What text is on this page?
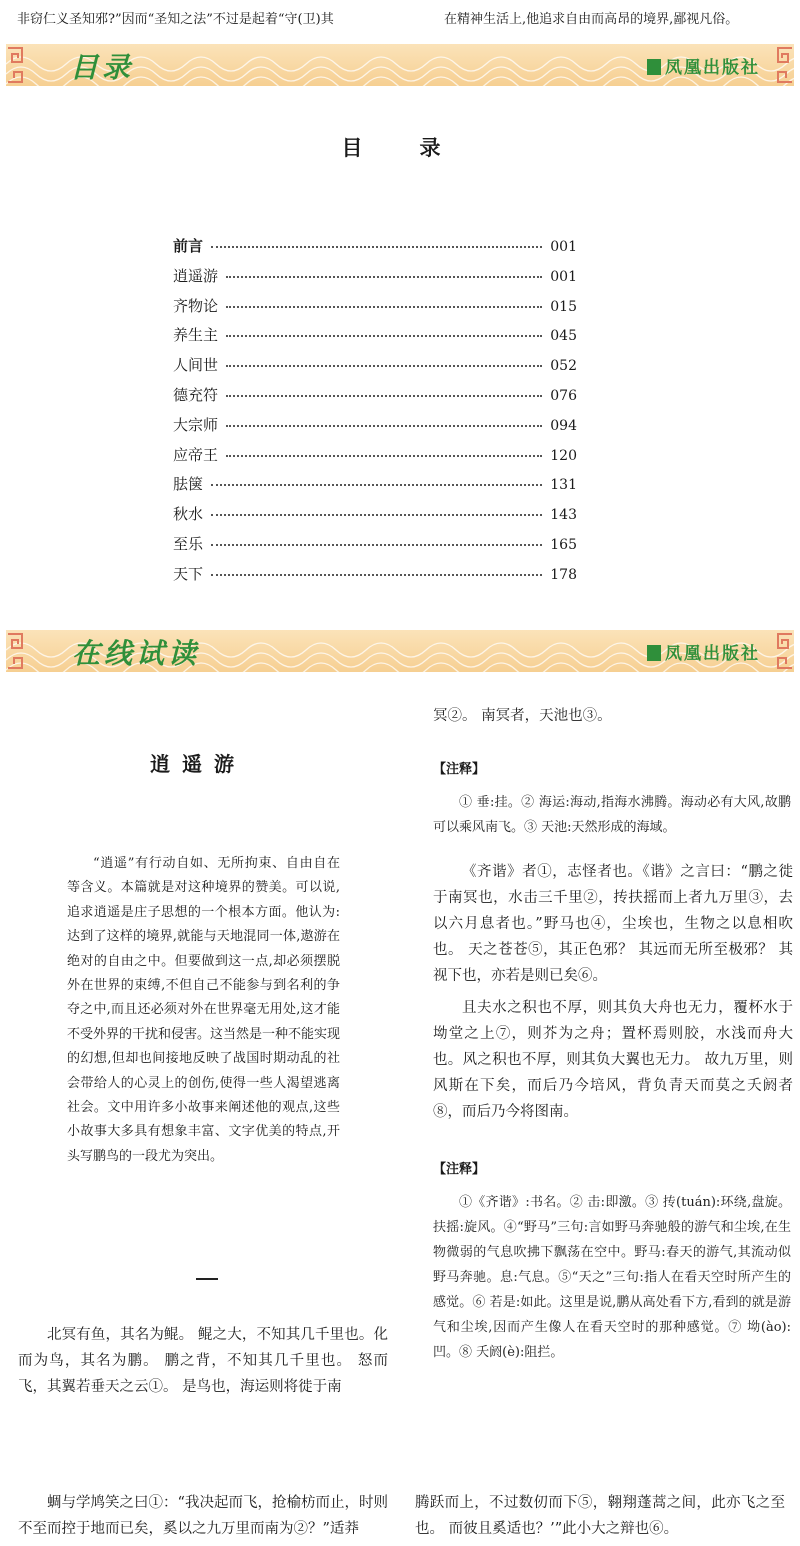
非窃仁义圣知邪?”因而“圣知之法”不过是起着“守(卫)其	在精神生活上,他追求自由而高昂的境界,鄙视凡俗。
目录	凤凰出版社
目　录
前言	001
逍遥游	001
齐物论	015
养生主	045
人间世	052
德充符	076
大宗师	094
应帝王	120
胠箧	131
秋水	143
至乐	165
天下	178
在线试读	凤凰出版社
逍遥游
“逍遥”有行动自如、无所拘束、自由自在等含义。本篇就是对这种境界的赞美。可以说,追求逍遥是庄子思想的一个根本方面。他认为:达到了这样的境界,就能与天地混同一体,遨游在绝对的自由之中。但要做到这一点,却必须摆脱外在世界的束缚,不但自己不能参与到名利的争夺之中,而且还必须对外在世界毫无用处,这才能不受外界的干扰和侵害。这当然是一种不能实现的幻想,但却也间接地反映了战国时期动乱的社会带给人的心灵上的创伤,使得一些人渴望逃离社会。文中用许多小故事来阐述他的观点,这些小故事大多具有想象丰富、文字优美的特点,开头写鹏鸟的一段尤为突出。
北冥有鱼，其名为鲲。 鲲之大，不知其几千里也。化而为鸟，其名为鹏。 鹏之背，不知其几千里也。 怒而飞，其翼若垂天之云①。 是鸟也，海运则将徙于南
冥②。 南冥者，天池也③。
【注释】
① 垂:挂。② 海运:海动,指海水沸腾。海动必有大风,故鹏可以乘风南飞。③ 天池:天然形成的海域。
《齐谐》者①，志怪者也。《谐》之言曰：“鹏之徙于南冥也，水击三千里②，抟扶摇而上者九万里③，去以六月息者也。”野马也④，尘埃也，生物之以息相吹也。 天之苍苍⑤，其正色邪？ 其远而无所至极邪？ 其视下也，亦若是则已矣⑥。
且夫水之积也不厚，则其负大舟也无力，覆杯水于坳堂之上⑦，则芥为之舟；置杯焉则胶，水浅而舟大也。风之积也不厚，则其负大翼也无力。 故九万里，则风斯在下矣，而后乃今培风，背负青天而莫之夭阏者⑧，而后乃今将图南。
【注释】
①《齐谐》:书名。② 击:即激。③ 抟(tuán):环绕,盘旋。扶摇:旋风。④“野马”三句:言如野马奔驰般的游气和尘埃,在生物微弱的气息吹拂下飘荡在空中。野马:春天的游气,其流动似野马奔驰。息:气息。⑤“天之”三句:指人在看天空时所产生的感觉。⑥ 若是:如此。这里是说,鹏从高处看下方,看到的就是游气和尘埃,因而产生像人在看天空时的那种感觉。⑦ 坳(ào):凹。⑧ 夭阏(è):阻拦。
蜩与学鸠笑之曰①：“我决起而飞，抢榆枋而止，时则不至而控于地而已矣，奚以之九万里而南为②？”适莽
腾跃而上，不过数仞而下⑤，翱翔蓬蒿之间，此亦飞之至也。 而彼且奚适也？’”此小大之辩也⑥。
